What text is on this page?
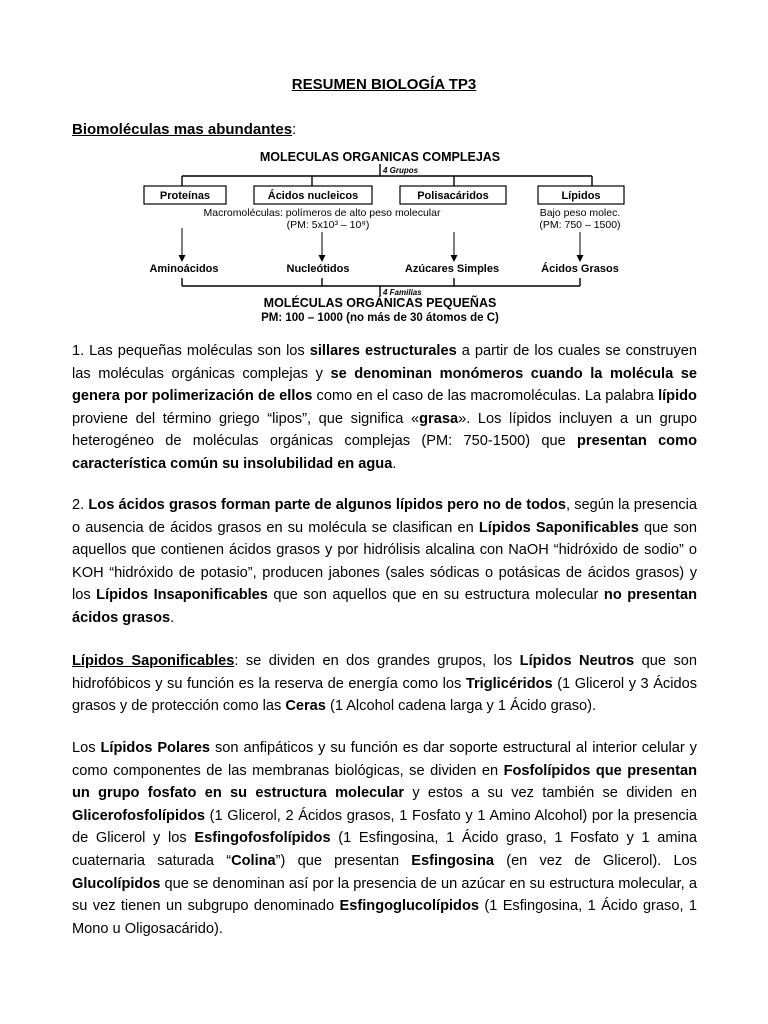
RESUMEN BIOLOGÍA TP3
Biomoléculas mas abundantes:
MOLECULAS ORGANICAS COMPLEJAS
4 Grupos
Proteínas	Ácidos nucleicos	Polisacáridos	Lípidos
Macromoléculas: polímeros de alto peso molecular
(PM: 5x10³ – 10⁹)
Bajo peso molec.
(PM: 750 – 1500)
Aminoácidos	Nucleótidos	Azúcares Simples	Ácidos Grasos
4 Familias
MOLÉCULAS ORGÁNICAS PEQUEÑAS
PM: 100 – 1000 (no más de 30 átomos de C)

1. Las pequeñas moléculas son los sillares estructurales a partir de los cuales se construyen las moléculas orgánicas complejas y se denominan monómeros cuando la molécula se genera por polimerización de ellos como en el caso de las macromoléculas. La palabra lípido proviene del término griego “lipos”, que significa «grasa». Los lípidos incluyen a un grupo heterogéneo de moléculas orgánicas complejas (PM: 750-1500) que presentan como característica común su insolubilidad en agua.

2. Los ácidos grasos forman parte de algunos lípidos pero no de todos, según la presencia o ausencia de ácidos grasos en su molécula se clasifican en Lípidos Saponificables que son aquellos que contienen ácidos grasos y por hidrólisis alcalina con NaOH “hidróxido de sodio” o KOH “hidróxido de potasio”, producen jabones (sales sódicas o potásicas de ácidos grasos) y los Lípidos Insaponificables que son aquellos que en su estructura molecular no presentan ácidos grasos.

Lípidos Saponificables: se dividen en dos grandes grupos, los Lípidos Neutros que son hidrofóbicos y su función es la reserva de energía como los Triglicéridos (1 Glicerol y 3 Ácidos grasos y de protección como las Ceras (1 Alcohol cadena larga y 1 Ácido graso).

Los Lípidos Polares son anfipáticos y su función es dar soporte estructural al interior celular y como componentes de las membranas biológicas, se dividen en Fosfolípidos que presentan un grupo fosfato en su estructura molecular y estos a su vez también se dividen en Glicerofosfolípidos (1 Glicerol, 2 Ácidos grasos, 1 Fosfato y 1 Amino Alcohol) por la presencia de Glicerol y los Esfingofosfolípidos (1 Esfingosina, 1 Ácido graso, 1 Fosfato y 1 amina cuaternaria saturada “Colina”) que presentan Esfingosina (en vez de Glicerol). Los Glucolípidos que se denominan así por la presencia de un azúcar en su estructura molecular, a su vez tienen un subgrupo denominado Esfingoglucolípidos (1 Esfingosina, 1 Ácido graso, 1 Mono u Oligosacárido).
